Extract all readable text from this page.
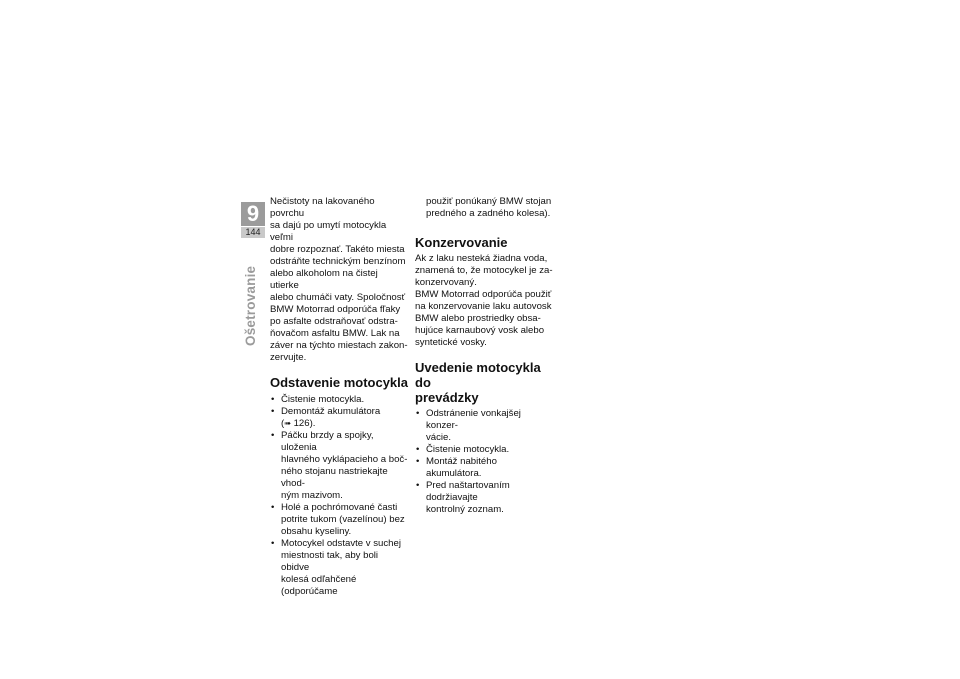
9
144
Ošetrovanie

Nečistoty na lakovaného povrchu
sa dajú po umytí motocykla veľmi
dobre rozpoznať. Takéto miesta
odstráňte technickým benzínom
alebo alkoholom na čistej utierke
alebo chumáči vaty. Spoločnosť
BMW Motorrad odporúča fľaky
po asfalte odstraňovať odstra-
ňovačom asfaltu BMW. Lak na
záver na týchto miestach zakon-
zervujte.

Odstavenie motocykla
• Čistenie motocykla.
• Demontáž akumulátora
(➠ 126).
• Páčku brzdy a spojky, uloženia
hlavného vyklápacieho a boč-
ného stojanu nastriekajte vhod-
ným mazivom.
• Holé a pochrómované časti
potrite tukom (vazelínou) bez
obsahu kyseliny.
• Motocykel odstavte v suchej
miestnosti tak, aby boli obidve
kolesá odľahčené (odporúčame

použiť ponúkaný BMW stojan
predného a zadného kolesa).

Konzervovanie

Ak z laku nesteká žiadna voda,
znamená to, že motocykel je za-
konzervovaný.
BMW Motorrad odporúča použiť
na konzervovanie laku autovosk
BMW alebo prostriedky obsa-
hujúce karnaubový vosk alebo
syntetické vosky.

Uvedenie motocykla do
prevádzky
• Odstránenie vonkajšej konzer-
vácie.
• Čistenie motocykla.
• Montáž nabitého akumulátora.
• Pred naštartovaním dodržiavajte
kontrolný zoznam.
